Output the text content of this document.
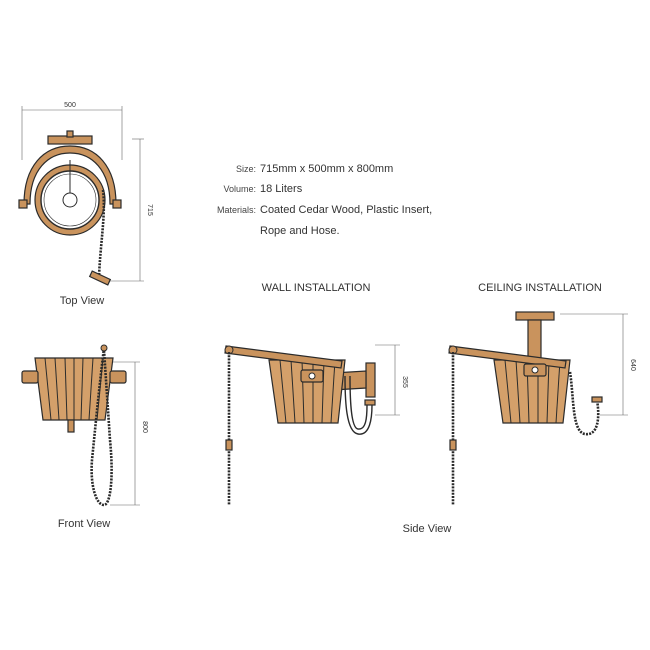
500
715
Top View
Size: 715mm x 500mm x 800mm
Volume: 18 Liters
Materials: Coated Cedar Wood, Plastic Insert,
Rope and Hose.
800
Front View
WALL INSTALLATION
355
CEILING INSTALLATION
640
Side View
